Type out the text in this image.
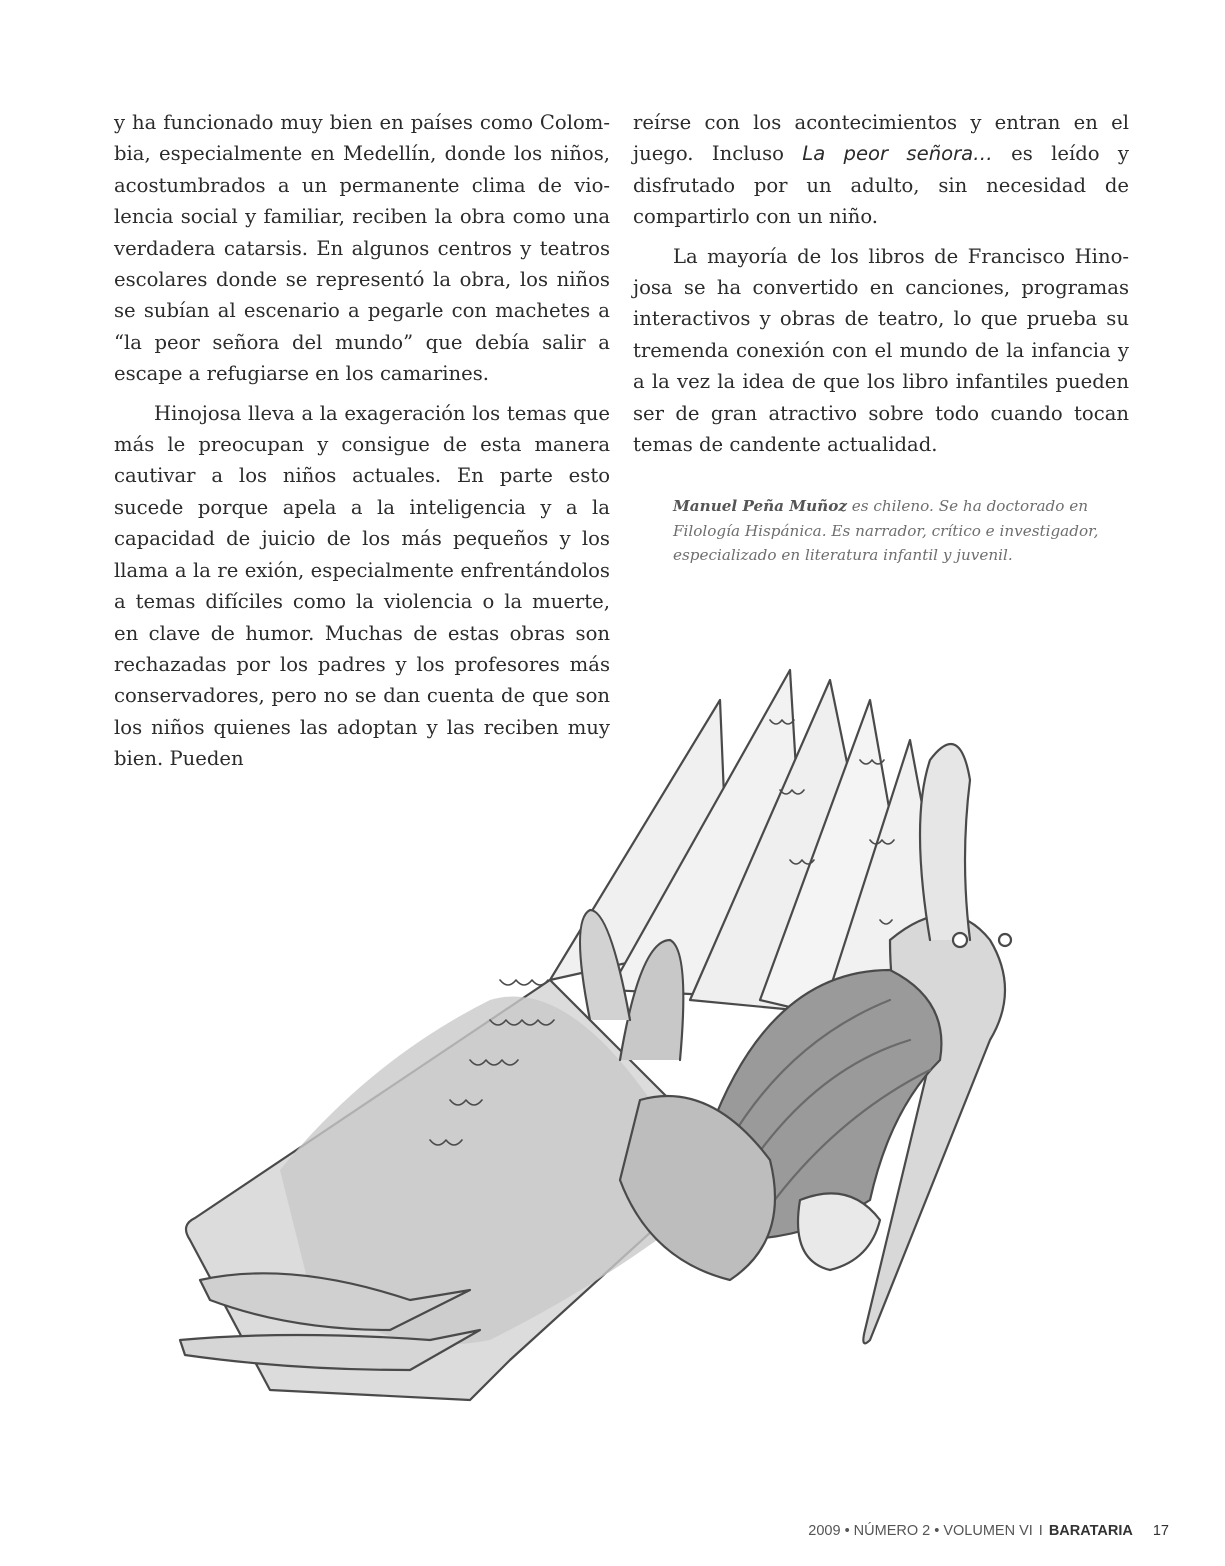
y ha funcionado muy bien en países como Colombia, especialmente en Medellín, donde los niños, acostumbrados a un permanente clima de violencia social y familiar, reciben la obra como una verdadera catarsis. En algunos centros y teatros escolares donde se representó la obra, los niños se subían al escenario a pegarle con machetes a “la peor señora del mundo” que debía salir a escape a refugiarse en los camarines.

Hinojosa lleva a la exageración los temas que más le preocupan y consigue de esta manera cautivar a los niños actuales. En parte esto sucede porque apela a la inteligencia y a la capacidad de juicio de los más pequeños y los llama a la re exión, especialmente enfrentándolos a temas difíciles como la violencia o la muerte, en clave de humor. Muchas de estas obras son rechazadas por los padres y los profesores más conservadores, pero no se dan cuenta de que son los niños quienes las adoptan y las reciben muy bien. Pueden

reírse con los acontecimientos y entran en el juego. Incluso La peor señora… es leído y disfrutado por un adulto, sin necesidad de compartirlo con un niño.

La mayoría de los libros de Francisco Hinojosa se ha convertido en canciones, programas interactivos y obras de teatro, lo que prueba su tremenda conexión con el mundo de la infancia y a la vez la idea de que los libro infantiles pueden ser de gran atractivo sobre todo cuando tocan temas de candente actualidad.

Manuel Peña Muñoz es chileno. Se ha doctorado en Filología Hispánica. Es narrador, crítico e investigador, especializado en literatura infantil y juvenil.
2009 • NÚMERO 2 • VOLUMEN VI I BARATARIA 17
